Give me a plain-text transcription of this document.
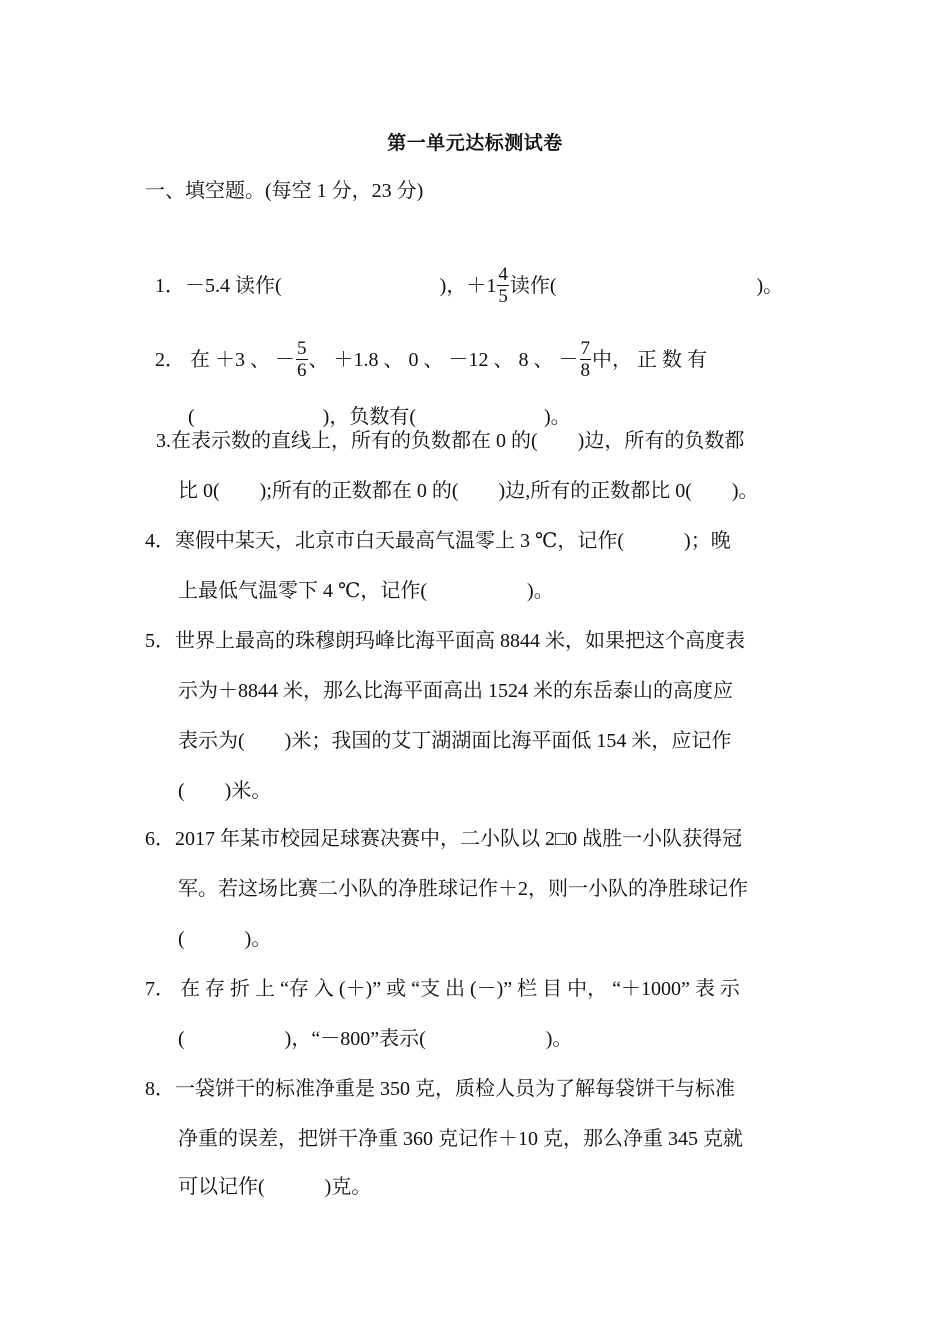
第一单元达标测试卷
一、填空题。(每空 1 分，23 分)

1．－5.4 读作(	)，$+1 \frac{4}{5}$ 读作(	)。

2． 在 ＋3 、 － $\frac{5}{6}$ 、 ＋1.8 、 0 、 －12 、 8 、 － $\frac{7}{8}$ 中， 正 数 有

(	)，负数有(	)。

3.在表示数的直线上，所有的负数都在 0 的(        )边，所有的负数都
比 0(        );所有的正数都在 0 的(        )边,所有的正数都比 0(        )。
4．寒假中某天，北京市白天最高气温零上 3 ℃，记作(            )；晚
上最低气温零下 4 ℃，记作(                    )。
5．世界上最高的珠穆朗玛峰比海平面高 8844 米，如果把这个高度表
示为＋8844 米，那么比海平面高出 1524 米的东岳泰山的高度应
表示为(        )米；我国的艾丁湖湖面比海平面低 154 米，应记作
(        )米。
6．2017 年某市校园足球赛决赛中，二小队以 2□0 战胜一小队获得冠
军。若这场比赛二小队的净胜球记作＋2，则一小队的净胜球记作
(            )。
7． 在 存 折 上 “存 入 (＋)” 或 “支 出 (－)” 栏 目 中， “＋1000” 表 示
(                    )，“－800”表示(                        )。
8．一袋饼干的标准净重是 350 克，质检人员为了解每袋饼干与标准
净重的误差，把饼干净重 360 克记作＋10 克，那么净重 345 克就
可以记作(            )克。
